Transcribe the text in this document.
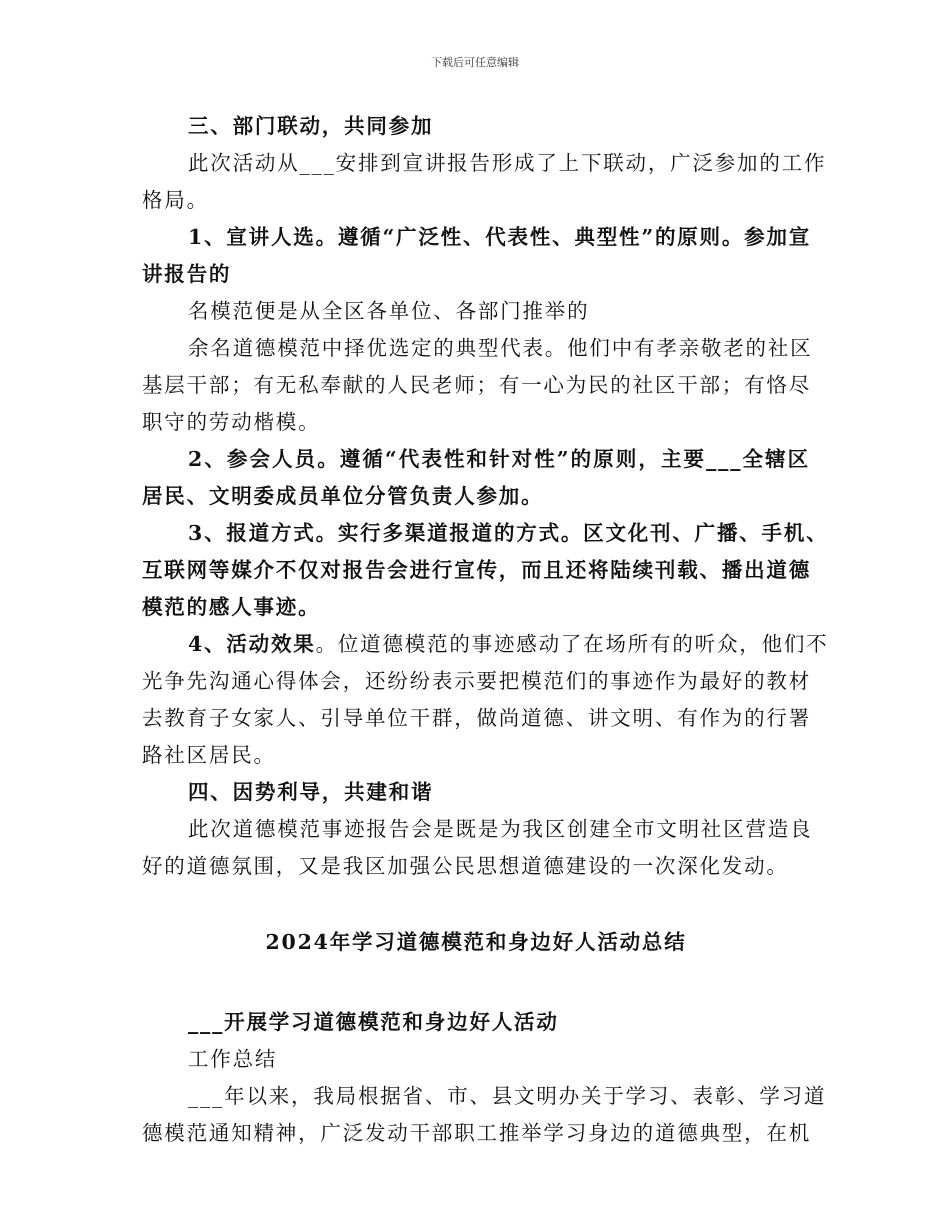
下载后可任意编辑
三、部门联动，共同参加
此次活动从___安排到宣讲报告形成了上下联动，广泛参加的工作
格局。
1、宣讲人选。遵循“广泛性、代表性、典型性”的原则。参加宣
讲报告的
名模范便是从全区各单位、各部门推举的
余名道德模范中择优选定的典型代表。他们中有孝亲敬老的社区
基层干部；有无私奉献的人民老师；有一心为民的社区干部；有恪尽
职守的劳动楷模。
2、参会人员。遵循“代表性和针对性”的原则，主要___全辖区
居民、文明委成员单位分管负责人参加。
3、报道方式。实行多渠道报道的方式。区文化刊、广播、手机、
互联网等媒介不仅对报告会进行宣传，而且还将陆续刊载、播出道德
模范的感人事迹。
4、活动效果。位道德模范的事迹感动了在场所有的听众，他们不
光争先沟通心得体会，还纷纷表示要把模范们的事迹作为最好的教材
去教育子女家人、引导单位干群，做尚道德、讲文明、有作为的行署
路社区居民。
四、因势利导，共建和谐
此次道德模范事迹报告会是既是为我区创建全市文明社区营造良
好的道德氛围，又是我区加强公民思想道德建设的一次深化发动。
2024年学习道德模范和身边好人活动总结
___开展学习道德模范和身边好人活动
工作总结
___年以来，我局根据省、市、县文明办关于学习、表彰、学习道
德模范通知精神，广泛发动干部职工推举学习身边的道德典型，在机
